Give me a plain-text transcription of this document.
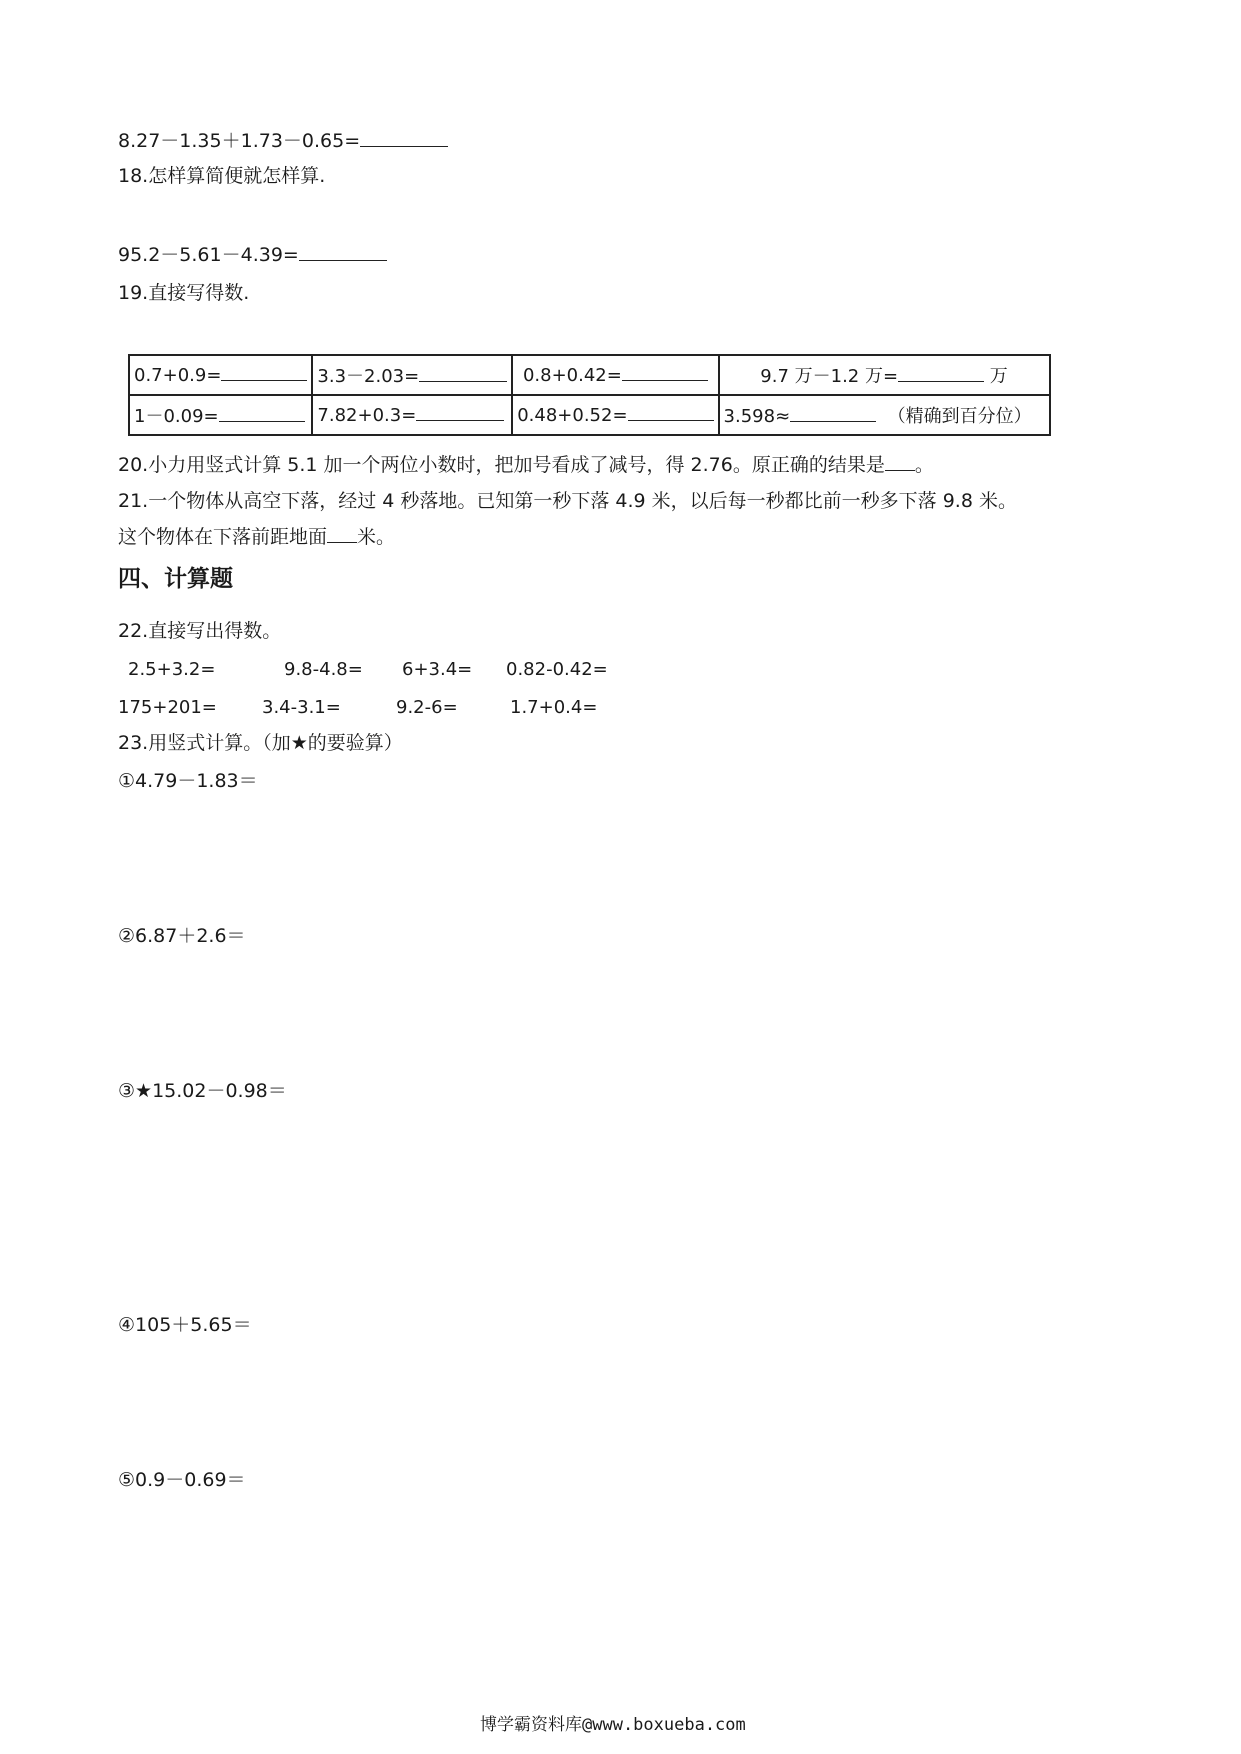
8.27－1.35＋1.73－0.65=
18.怎样算简便就怎样算.
95.2－5.61－4.39=
19.直接写得数.
0.7+0.9=	3.3－2.03=	0.8+0.42=	9.7 万－1.2 万= 万
1－0.09=	7.82+0.3=	0.48+0.52=	3.598≈ （精确到百分位）
20.小力用竖式计算 5.1 加一个两位小数时，把加号看成了减号，得 2.76。原正确的结果是 。
21.一个物体从高空下落，经过 4 秒落地。已知第一秒下落 4.9 米，以后每一秒都比前一秒多下落 9.8 米。
这个物体在下落前距地面 米。
四、计算题
22.直接写出得数。
2.5+3.2=	9.8-4.8= 6+3.4= 0.82-0.42=
175+201=	3.4-3.1=	9.2-6=	1.7+0.4=
23.用竖式计算。（加★的要验算）
①4.79－1.83＝
②6.87＋2.6＝
③★15.02－0.98＝
④105＋5.65＝
⑤0.9－0.69＝
博学霸资料库@www.boxueba.com
